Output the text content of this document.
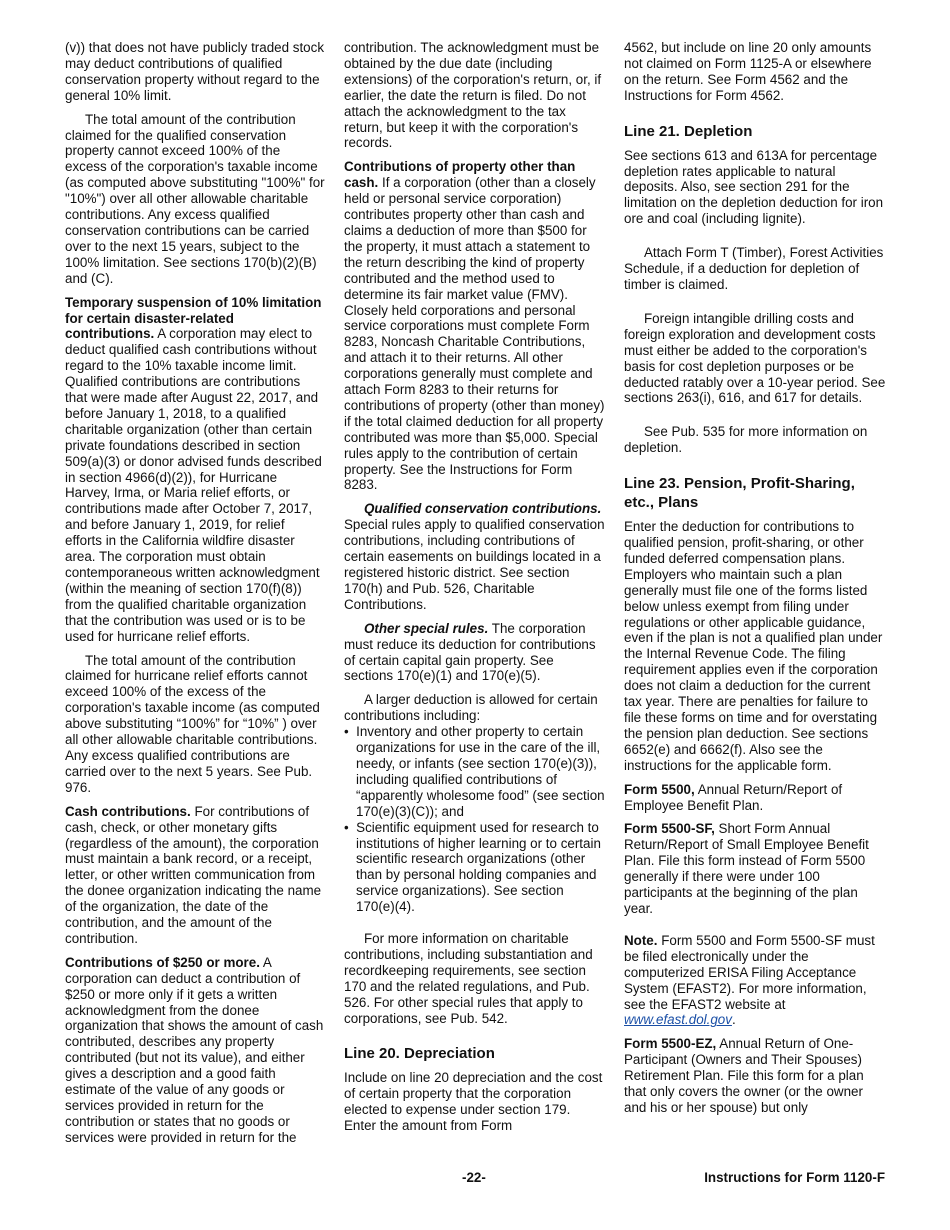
(v)) that does not have publicly traded stock may deduct contributions of qualified conservation property without regard to the general 10% limit.

The total amount of the contribution claimed for the qualified conservation property cannot exceed 100% of the excess of the corporation's taxable income (as computed above substituting "100%" for "10%") over all other allowable charitable contributions. Any excess qualified conservation contributions can be carried over to the next 15 years, subject to the 100% limitation. See sections 170(b)(2)(B) and (C).

Temporary suspension of 10% limitation for certain disaster-related contributions. A corporation may elect to deduct qualified cash contributions without regard to the 10% taxable income limit. Qualified contributions are contributions that were made after August 22, 2017, and before January 1, 2018, to a qualified charitable organization (other than certain private foundations described in section 509(a)(3) or donor advised funds described in section 4966(d)(2)), for Hurricane Harvey, Irma, or Maria relief efforts, or contributions made after October 7, 2017, and before January 1, 2019, for relief efforts in the California wildfire disaster area. The corporation must obtain contemporaneous written acknowledgment (within the meaning of section 170(f)(8)) from the qualified charitable organization that the contribution was used or is to be used for hurricane relief efforts.

The total amount of the contribution claimed for hurricane relief efforts cannot exceed 100% of the excess of the corporation's taxable income (as computed above substituting “100%” for “10%” ) over all other allowable charitable contributions. Any excess qualified contributions are carried over to the next 5 years. See Pub. 976.

Cash contributions. For contributions of cash, check, or other monetary gifts (regardless of the amount), the corporation must maintain a bank record, or a receipt, letter, or other written communication from the donee organization indicating the name of the organization, the date of the contribution, and the amount of the contribution.

Contributions of $250 or more. A corporation can deduct a contribution of $250 or more only if it gets a written acknowledgment from the donee organization that shows the amount of cash contributed, describes any property contributed (but not its value), and either gives a description and a good faith estimate of the value of any goods or services provided in return for the contribution or states that no goods or services were provided in return for the

contribution. The acknowledgment must be obtained by the due date (including extensions) of the corporation's return, or, if earlier, the date the return is filed. Do not attach the acknowledgment to the tax return, but keep it with the corporation's records.

Contributions of property other than cash. If a corporation (other than a closely held or personal service corporation) contributes property other than cash and claims a deduction of more than $500 for the property, it must attach a statement to the return describing the kind of property contributed and the method used to determine its fair market value (FMV). Closely held corporations and personal service corporations must complete Form 8283, Noncash Charitable Contributions, and attach it to their returns. All other corporations generally must complete and attach Form 8283 to their returns for contributions of property (other than money) if the total claimed deduction for all property contributed was more than $5,000. Special rules apply to the contribution of certain property. See the Instructions for Form 8283.

Qualified conservation contributions. Special rules apply to qualified conservation contributions, including contributions of certain easements on buildings located in a registered historic district. See section 170(h) and Pub. 526, Charitable Contributions.

Other special rules. The corporation must reduce its deduction for contributions of certain capital gain property. See sections 170(e)(1) and 170(e)(5).

A larger deduction is allowed for certain contributions including:

•  Inventory and other property to certain organizations for use in the care of the ill, needy, or infants (see section 170(e)(3)), including qualified contributions of “apparently wholesome food” (see section 170(e)(3)(C)); and

•  Scientific equipment used for research to institutions of higher learning or to certain scientific research organizations (other than by personal holding companies and service organizations). See section 170(e)(4).

For more information on charitable contributions, including substantiation and recordkeeping requirements, see section 170 and the related regulations, and Pub. 526. For other special rules that apply to corporations, see Pub. 542.

Line 20. Depreciation

Include on line 20 depreciation and the cost of certain property that the corporation elected to expense under section 179. Enter the amount from Form

4562, but include on line 20 only amounts not claimed on Form 1125-A or elsewhere on the return. See Form 4562 and the Instructions for Form 4562.

Line 21. Depletion

See sections 613 and 613A for percentage depletion rates applicable to natural deposits. Also, see section 291 for the limitation on the depletion deduction for iron ore and coal (including lignite).

Attach Form T (Timber), Forest Activities Schedule, if a deduction for depletion of timber is claimed.

Foreign intangible drilling costs and foreign exploration and development costs must either be added to the corporation's basis for cost depletion purposes or be deducted ratably over a 10-year period. See sections 263(i), 616, and 617 for details.

See Pub. 535 for more information on depletion.

Line 23. Pension, Profit-Sharing, etc., Plans

Enter the deduction for contributions to qualified pension, profit-sharing, or other funded deferred compensation plans. Employers who maintain such a plan generally must file one of the forms listed below unless exempt from filing under regulations or other applicable guidance, even if the plan is not a qualified plan under the Internal Revenue Code. The filing requirement applies even if the corporation does not claim a deduction for the current tax year. There are penalties for failure to file these forms on time and for overstating the pension plan deduction. See sections 6652(e) and 6662(f). Also see the instructions for the applicable form.

Form 5500, Annual Return/Report of Employee Benefit Plan.

Form 5500-SF, Short Form Annual Return/Report of Small Employee Benefit Plan. File this form instead of Form 5500 generally if there were under 100 participants at the beginning of the plan year.

Note. Form 5500 and Form 5500-SF must be filed electronically under the computerized ERISA Filing Acceptance System (EFAST2). For more information, see the EFAST2 website at www.efast.dol.gov.

Form 5500-EZ, Annual Return of One-Participant (Owners and Their Spouses) Retirement Plan. File this form for a plan that only covers the owner (or the owner and his or her spouse) but only

-22-	Instructions for Form 1120-F
